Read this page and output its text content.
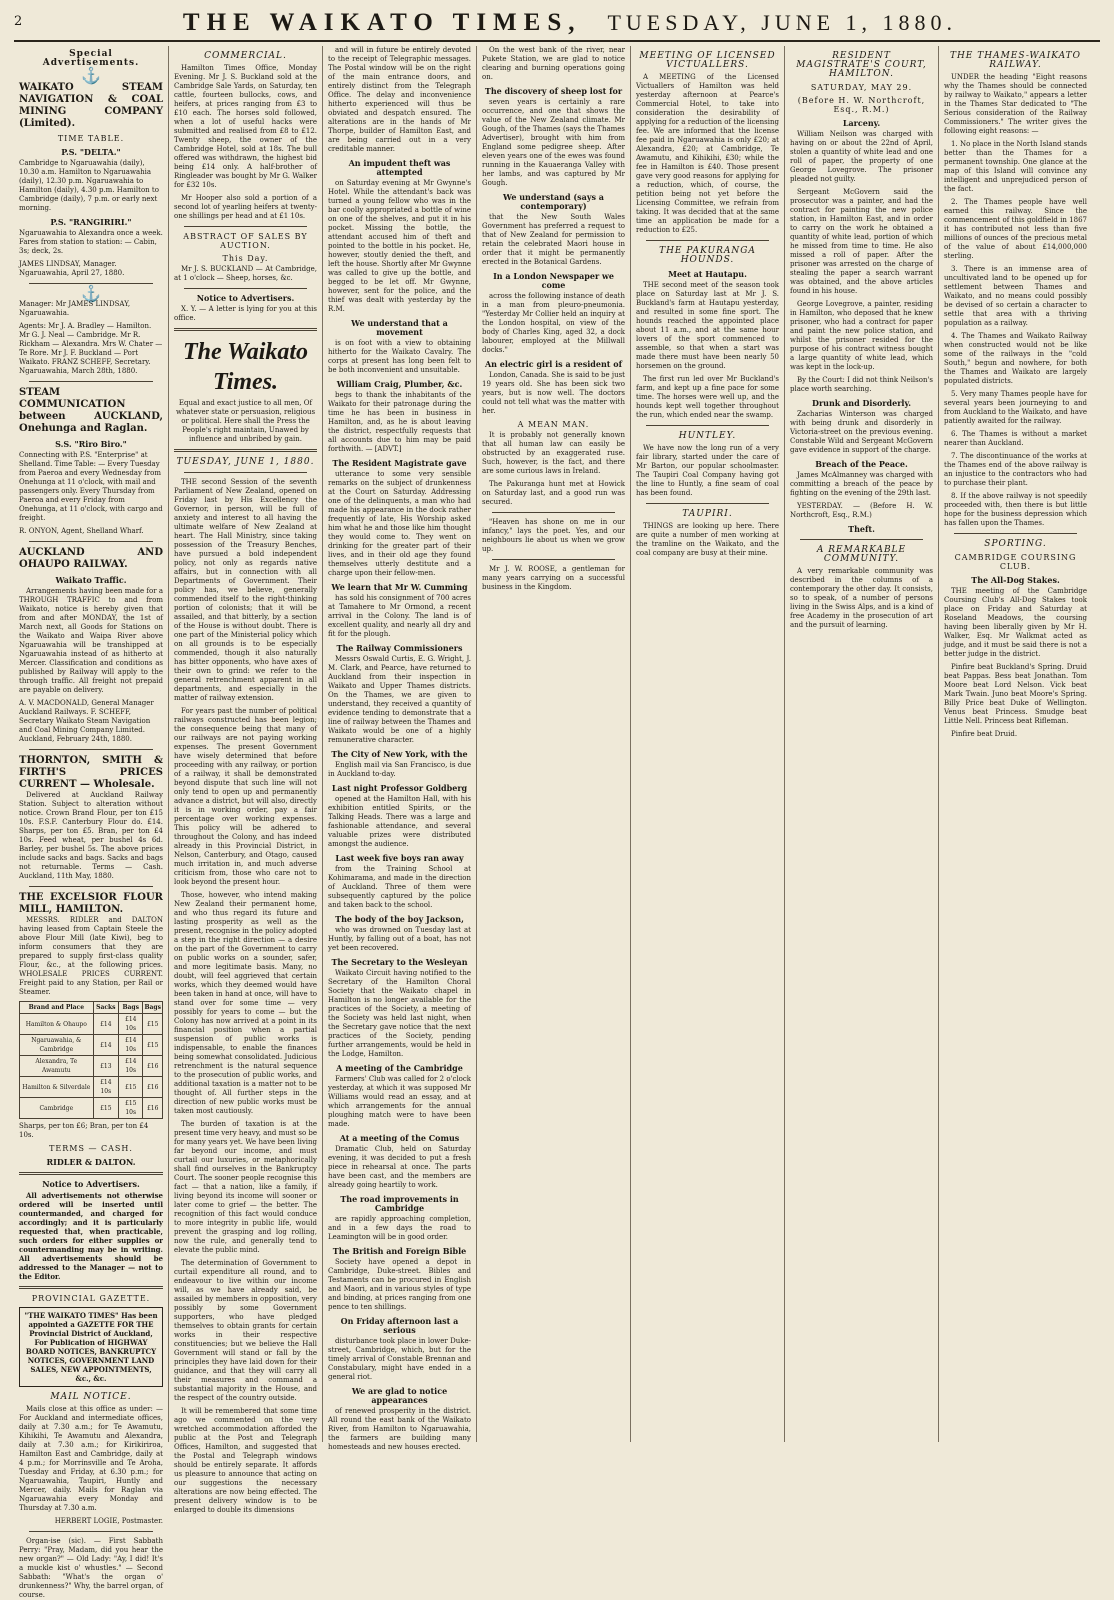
2	THE WAIKATO TIMES, TUESDAY, JUNE 1, 1880.
Special Advertisements.
⚓
WAIKATO STEAM NAVIGATION & COAL MINING COMPANY (Limited).
TIME TABLE.
P.S. "DELTA."

Cambridge to Ngaruawahia (daily), 10.30 a.m. Hamilton to Ngaruawahia (daily), 12.30 p.m. Ngaruawahia to Hamilton (daily), 4.30 p.m. Hamilton to Cambridge (daily), 7 p.m. or early next morning.

P.S. "RANGIRIRI."

Ngaruawahia to Alexandra once a week. Fares from station to station: — Cabin, 3s; deck, 2s.

JAMES LINDSAY, Manager. Ngaruawahia, April 27, 1880.

⚓

Manager: Mr JAMES LINDSAY, Ngaruawahia.

Agents: Mr J. A. Bradley — Hamilton. Mr G. J. Neal — Cambridge. Mr R. Rickham — Alexandra. Mrs W. Chater — Te Rore. Mr J. F. Buckland — Port Waikato. FRANZ SCHEFF, Secretary. Ngaruawahia, March 28th, 1880.

STEAM COMMUNICATION between AUCKLAND, Onehunga and Raglan.
S.S. "Riro Biro."

Connecting with P.S. "Enterprise" at Shelland. Time Table: — Every Tuesday from Paeroa and every Wednesday from Onehunga at 11 o'clock, with mail and passengers only. Every Thursday from Paeroa and every Friday from Onehunga, at 11 o'clock, with cargo and freight.

R. ONYON, Agent, Shelland Wharf.

AUCKLAND AND OHAUPO RAILWAY.
Waikato Traffic.

Arrangements having been made for a THROUGH TRAFFIC to and from Waikato, notice is hereby given that from and after MONDAY, the 1st of March next, all Goods for Stations on the Waikato and Waipa River above Ngaruawahia will be transhipped at Ngaruawahia instead of as hitherto at Mercer. Classification and conditions as published by Railway will apply to the through traffic. All freight not prepaid are payable on delivery.

A. V. MACDONALD, General Manager Auckland Railways. F. SCHEFF, Secretary Waikato Steam Navigation and Coal Mining Company Limited. Auckland, February 24th, 1880.

THORNTON, SMITH & FIRTH'S PRICES CURRENT — Wholesale.

Delivered at Auckland Railway Station. Subject to alteration without notice. Crown Brand Flour, per ton £15 10s. F.S.F. Canterbury Flour do. £14. Sharps, per ton £5. Bran, per ton £4 10s. Feed wheat, per bushel 4s 6d. Barley, per bushel 5s. The above prices include sacks and bags. Sacks and bags not returnable. Terms — Cash. Auckland, 11th May, 1880.

THE EXCELSIOR FLOUR MILL, HAMILTON.

MESSRS. RIDLER and DALTON having leased from Captain Steele the above Flour Mill (late Kiwi), beg to inform consumers that they are prepared to supply first-class quality Flour, &c., at the following prices. WHOLESALE PRICES CURRENT. Freight paid to any Station, per Rail or Steamer.

Brand and Place	Sacks	Bags	Bags
Hamilton & Ohaupo	£14	£14 10s	£15
Ngaruawahia, & Cambridge	£14	£14 10s	£15
Alexandra, Te Awamutu	£13	£14 10s	£16
Hamilton & Silverdale	£14 10s	£15	£16
Cambridge	£15	£15 10s	£16

Sharps, per ton £6; Bran, per ton £4 10s.

TERMS — CASH.
RIDLER & DALTON.
Notice to Advertisers.

All advertisements not otherwise ordered will be inserted until countermanded, and charged for accordingly; and it is particularly requested that, when practicable, such orders for either supplies or countermanding may be in writing. All advertisements should be addressed to the Manager — not to the Editor.

PROVINCIAL GAZETTE.
"THE WAIKATO TIMES" Has been appointed a GAZETTE FOR THE Provincial District of Auckland, For Publication of HIGHWAY BOARD NOTICES, BANKRUPTCY NOTICES, GOVERNMENT LAND SALES, NEW APPOINTMENTS, &c., &c.
MAIL NOTICE.

Mails close at this office as under: — For Auckland and intermediate offices, daily at 7.30 a.m.; for Te Awamutu, Kihikihi, Te Awamutu and Alexandra, daily at 7.30 a.m.; for Kirikiriroa, Hamilton East and Cambridge, daily at 4 p.m.; for Morrinsville and Te Aroha, Tuesday and Friday, at 6.30 p.m.; for Ngaruawahia, Taupiri, Huntly and Mercer, daily. Mails for Raglan via Ngaruawahia every Monday and Thursday at 7.30 a.m.

HERBERT LOGIE, Postmaster.

Organ-ise (sic). — First Sabbath Perry: "Pray, Madam, did you hear the new organ?" — Old Lady: "Ay, I did! It's a muckle kist o' whustles." — Second Sabbath: "What's the organ o' drunkenness?" Why, the barrel organ, of course.

COMMERCIAL.

Hamilton Times Office, Monday Evening. Mr J. S. Buckland sold at the Cambridge Sale Yards, on Saturday, ten cattle, fourteen bullocks, cows, and heifers, at prices ranging from £3 to £10 each. The horses sold followed, when a lot of useful hacks were submitted and realised from £8 to £12. Twenty sheep, the owner of the Cambridge Hotel, sold at 18s. The bull offered was withdrawn, the highest bid being £14 only. A half-brother of Ringleader was bought by Mr G. Walker for £32 10s.

Mr Hooper also sold a portion of a second lot of yearling heifers at twenty-one shillings per head and at £1 10s.

ABSTRACT OF SALES BY AUCTION.
This Day.

Mr J. S. BUCKLAND — At Cambridge, at 1 o'clock — Sheep, horses, &c.

Notice to Advertisers.

X. Y. — A letter is lying for you at this office.

The Waikato Times.
Equal and exact justice to all men, Of whatever state or persuasion, religious or political. Here shall the Press the People's right maintain, Unawed by influence and unbribed by gain.
TUESDAY, JUNE 1, 1880.

THE second Session of the seventh Parliament of New Zealand, opened on Friday last by His Excellency the Governor, in person, will be full of anxiety and interest to all having the ultimate welfare of New Zealand at heart. The Hall Ministry, since taking possession of the Treasury Benches, have pursued a bold independent policy, not only as regards native affairs, but in connection with all Departments of Government. Their policy has, we believe, generally commended itself to the right-thinking portion of colonists; that it will be assailed, and that bitterly, by a section of the House is without doubt. There is one part of the Ministerial policy which on all grounds is to be especially commended, though it also naturally has bitter opponents, who have axes of their own to grind: we refer to the general retrenchment apparent in all departments, and especially in the matter of railway extension.

For years past the number of political railways constructed has been legion; the consequence being that many of our railways are not paying working expenses. The present Government have wisely determined that before proceeding with any railway, or portion of a railway, it shall be demonstrated beyond dispute that such line will not only tend to open up and permanently advance a district, but will also, directly it is in working order, pay a fair percentage over working expenses. This policy will be adhered to throughout the Colony, and has indeed already in this Provincial District, in Nelson, Canterbury, and Otago, caused much irritation in, and much adverse criticism from, those who care not to look beyond the present hour.

Those, however, who intend making New Zealand their permanent home, and who thus regard its future and lasting prosperity as well as the present, recognise in the policy adopted a step in the right direction — a desire on the part of the Government to carry on public works on a sounder, safer, and more legitimate basis. Many, no doubt, will feel aggrieved that certain works, which they deemed would have been taken in hand at once, will have to stand over for some time — very possibly for years to come — but the Colony has now arrived at a point in its financial position when a partial suspension of public works is indispensable, to enable the finances being somewhat consolidated. Judicious retrenchment is the natural sequence to the prosecution of public works, and additional taxation is a matter not to be thought of. All further steps in the direction of new public works must be taken most cautiously.

The burden of taxation is at the present time very heavy, and must so be for many years yet. We have been living far beyond our income, and must curtail our luxuries, or metaphorically shall find ourselves in the Bankruptcy Court. The sooner people recognise this fact — that a nation, like a family, if living beyond its income will sooner or later come to grief — the better. The recognition of this fact would conduce to more integrity in public life, would prevent the grasping and log rolling, now the rule, and generally tend to elevate the public mind.

The determination of Government to curtail expenditure all round, and to endeavour to live within our income will, as we have already said, be assailed by members in opposition, very possibly by some Government supporters, who have pledged themselves to obtain grants for certain works in their respective constituencies; but we believe the Hall Government will stand or fall by the principles they have laid down for their guidance, and that they will carry all their measures and command a substantial majority in the House, and the respect of the country outside.

It will be remembered that some time ago we commented on the very wretched accommodation afforded the public at the Post and Telegraph Offices, Hamilton, and suggested that the Postal and Telegraph windows should be entirely separate. It affords us pleasure to announce that acting on our suggestions the necessary alterations are now being effected. The present delivery window is to be enlarged to double its dimensions

and will in future be entirely devoted to the receipt of Telegraphic messages. The Postal window will be on the right of the main entrance doors, and entirely distinct from the Telegraph Office. The delay and inconvenience hitherto experienced will thus be obviated and despatch ensured. The alterations are in the hands of Mr Thorpe, builder of Hamilton East, and are being carried out in a very creditable manner.

An impudent theft was attempted

on Saturday evening at Mr Gwynne's Hotel. While the attendant's back was turned a young fellow who was in the bar coolly appropriated a bottle of wine on one of the shelves, and put it in his pocket. Missing the bottle, the attendant accused him of theft and pointed to the bottle in his pocket. He, however, stoutly denied the theft, and left the house. Shortly after Mr Gwynne was called to give up the bottle, and begged to be let off. Mr Gwynne, however, sent for the police, and the thief was dealt with yesterday by the R.M.

We understand that a movement

is on foot with a view to obtaining hitherto for the Waikato Cavalry. The corps at present has long been felt to be both inconvenient and unsuitable.

William Craig, Plumber, &c.

begs to thank the inhabitants of the Waikato for their patronage during the time he has been in business in Hamilton, and, as he is about leaving the district, respectfully requests that all accounts due to him may be paid forthwith. — [ADVT.]

The Resident Magistrate gave

utterance to some very sensible remarks on the subject of drunkenness at the Court on Saturday. Addressing one of the delinquents, a man who had made his appearance in the dock rather frequently of late, His Worship asked him what he and those like him thought they would come to. They went on drinking for the greater part of their lives, and in their old age they found themselves utterly destitute and a charge upon their fellow-men.

We learn that Mr W. Cumming

has sold his consignment of 700 acres at Tamahere to Mr Ormond, a recent arrival in the Colony. The land is of excellent quality, and nearly all dry and fit for the plough.

The Railway Commissioners

Messrs Oswald Curtis, E. G. Wright, J. M. Clark, and Pearce, have returned to Auckland from their inspection in Waikato and Upper Thames districts. On the Thames, we are given to understand, they received a quantity of evidence tending to demonstrate that a line of railway between the Thames and Waikato would be one of a highly remunerative character.

The City of New York, with the

English mail via San Francisco, is due in Auckland to-day.

Last night Professor Goldberg

opened at the Hamilton Hall, with his exhibition entitled Spirits, or the Talking Heads. There was a large and fashionable attendance, and several valuable prizes were distributed amongst the audience.

Last week five boys ran away

from the Training School at Kohimarama, and made in the direction of Auckland. Three of them were subsequently captured by the police and taken back to the school.

The body of the boy Jackson,

who was drowned on Tuesday last at Huntly, by falling out of a boat, has not yet been recovered.

The Secretary to the Wesleyan

Waikato Circuit having notified to the Secretary of the Hamilton Choral Society that the Waikato chapel in Hamilton is no longer available for the practices of the Society, a meeting of the Society was held last night, when the Secretary gave notice that the next practices of the Society, pending further arrangements, would be held in the Lodge, Hamilton.

A meeting of the Cambridge

Farmers' Club was called for 2 o'clock yesterday, at which it was supposed Mr Williams would read an essay, and at which arrangements for the annual ploughing match were to have been made.

At a meeting of the Comus

Dramatic Club, held on Saturday evening, it was decided to put a fresh piece in rehearsal at once. The parts have been cast, and the members are already going heartily to work.

The road improvements in Cambridge

are rapidly approaching completion, and in a few days the road to Leamington will be in good order.

The British and Foreign Bible

Society have opened a depot in Cambridge, Duke-street. Bibles and Testaments can be procured in English and Maori, and in various styles of type and binding, at prices ranging from one pence to ten shillings.

On Friday afternoon last a serious

disturbance took place in lower Duke-street, Cambridge, which, but for the timely arrival of Constable Brennan and Constabulary, might have ended in a general riot.

We are glad to notice appearances

of renewed prosperity in the district. All round the east bank of the Waikato River, from Hamilton to Ngaruawahia, the farmers are building many homesteads and new houses erected.

On the west bank of the river, near Pukete Station, we are glad to notice clearing and burning operations going on.

The discovery of sheep lost for

seven years is certainly a rare occurrence, and one that shows the value of the New Zealand climate. Mr Gough, of the Thames (says the Thames Advertiser), brought with him from England some pedigree sheep. After eleven years one of the ewes was found running in the Kauaeranga Valley with her lambs, and was captured by Mr Gough.

We understand (says a contemporary)

that the New South Wales Government has preferred a request to that of New Zealand for permission to retain the celebrated Maori house in order that it might be permanently erected in the Botanical Gardens.

In a London Newspaper we come

across the following instance of death in a man from pleuro-pneumonia. "Yesterday Mr Collier held an inquiry at the London hospital, on view of the body of Charles King, aged 32, a dock labourer, employed at the Millwall docks."

An electric girl is a resident of

London, Canada. She is said to be just 19 years old. She has been sick two years, but is now well. The doctors could not tell what was the matter with her.

A MEAN MAN.

It is probably not generally known that all human law can easily be obstructed by an exaggerated ruse. Such, however, is the fact, and there are some curious laws in Ireland.

The Pakuranga hunt met at Howick on Saturday last, and a good run was secured.

"Heaven has shone on me in our infancy," lays the poet. Yes, and our neighbours lie about us when we grow up.

Mr J. W. ROOSE, a gentleman for many years carrying on a successful business in the Kingdom.

MEETING OF LICENSED VICTUALLERS.

A MEETING of the Licensed Victuallers of Hamilton was held yesterday afternoon at Pearce's Commercial Hotel, to take into consideration the desirability of applying for a reduction of the licensing fee. We are informed that the license fee paid in Ngaruawahia is only £20; at Alexandra, £20; at Cambridge, Te Awamutu, and Kihikihi, £30; while the fee in Hamilton is £40. Those present gave very good reasons for applying for a reduction, which, of course, the petition being not yet before the Licensing Committee, we refrain from taking. It was decided that at the same time an application be made for a reduction to £25.

THE PAKURANGA HOUNDS.
Meet at Hautapu.

THE second meet of the season took place on Saturday last at Mr J. S. Buckland's farm at Hautapu yesterday, and resulted in some fine sport. The hounds reached the appointed place about 11 a.m., and at the same hour lovers of the sport commenced to assemble, so that when a start was made there must have been nearly 50 horsemen on the ground.

The first run led over Mr Buckland's farm, and kept up a fine pace for some time. The horses were well up, and the hounds kept well together throughout the run, which ended near the swamp.

HUNTLEY.

We have now the long run of a very fair library, started under the care of Mr Barton, our popular schoolmaster. The Taupiri Coal Company having got the line to Huntly, a fine seam of coal has been found.

TAUPIRI.

THINGS are looking up here. There are quite a number of men working at the tramline on the Waikato, and the coal company are busy at their mine.

RESIDENT MAGISTRATE'S COURT, HAMILTON.
SATURDAY, MAY 29.
(Before H. W. Northcroft, Esq., R.M.)
Larceny.

William Neilson was charged with having on or about the 22nd of April, stolen a quantity of white lead and one roll of paper, the property of one George Lovegrove. The prisoner pleaded not guilty.

Sergeant McGovern said the prosecutor was a painter, and had the contract for painting the new police station, in Hamilton East, and in order to carry on the work he obtained a quantity of white lead, portion of which he missed from time to time. He also missed a roll of paper. After the prisoner was arrested on the charge of stealing the paper a search warrant was obtained, and the above articles found in his house.

George Lovegrove, a painter, residing in Hamilton, who deposed that he knew prisoner, who had a contract for paper and paint the new police station, and whilst the prisoner resided for the purpose of his contract witness bought a large quantity of white lead, which was kept in the lock-up.

By the Court: I did not think Neilson's place worth searching.

Drunk and Disorderly.

Zacharias Winterson was charged with being drunk and disorderly in Victoria-street on the previous evening. Constable Wild and Sergeant McGovern gave evidence in support of the charge.

Breach of the Peace.

James McAlmanney was charged with committing a breach of the peace by fighting on the evening of the 29th last.

YESTERDAY. — (Before H. W. Northcroft, Esq., R.M.)

Theft.
A REMARKABLE COMMUNITY.

A very remarkable community was described in the columns of a contemporary the other day. It consists, so to speak, of a number of persons living in the Swiss Alps, and is a kind of free Academy in the prosecution of art and the pursuit of learning.

THE THAMES-WAIKATO RAILWAY.

UNDER the heading "Eight reasons why the Thames should be connected by railway to Waikato," appears a letter in the Thames Star dedicated to "The Serious consideration of the Railway Commissioners." The writer gives the following eight reasons: —

1. No place in the North Island stands better than the Thames for a permanent township. One glance at the map of this Island will convince any intelligent and unprejudiced person of the fact.

2. The Thames people have well earned this railway. Since the commencement of this goldfield in 1867 it has contributed not less than five millions of ounces of the precious metal of the value of about £14,000,000 sterling.

3. There is an immense area of uncultivated land to be opened up for settlement between Thames and Waikato, and no means could possibly be devised of so certain a character to settle that area with a thriving population as a railway.

4. The Thames and Waikato Railway when constructed would not be like some of the railways in the "cold South," begun and nowhere, for both the Thames and Waikato are largely populated districts.

5. Very many Thames people have for several years been journeying to and from Auckland to the Waikato, and have patiently awaited for the railway.

6. The Thames is without a market nearer than Auckland.

7. The discontinuance of the works at the Thames end of the above railway is an injustice to the contractors who had to purchase their plant.

8. If the above railway is not speedily proceeded with, then there is but little hope for the business depression which has fallen upon the Thames.

SPORTING.
CAMBRIDGE COURSING CLUB.
The All-Dog Stakes.

THE meeting of the Cambridge Coursing Club's All-Dog Stakes took place on Friday and Saturday at Roseland Meadows, the coursing having been liberally given by Mr H. Walker, Esq. Mr Walkmat acted as judge, and it must be said there is not a better judge in the district.

Pinfire beat Buckland's Spring. Druid beat Pappas. Bess beat Jonathan. Tom Moore beat Lord Nelson. Vick beat Mark Twain. Juno beat Moore's Spring. Billy Price beat Duke of Wellington. Venus beat Princess. Smudge beat Little Nell. Princess beat Rifleman.

Pinfire beat Druid.
